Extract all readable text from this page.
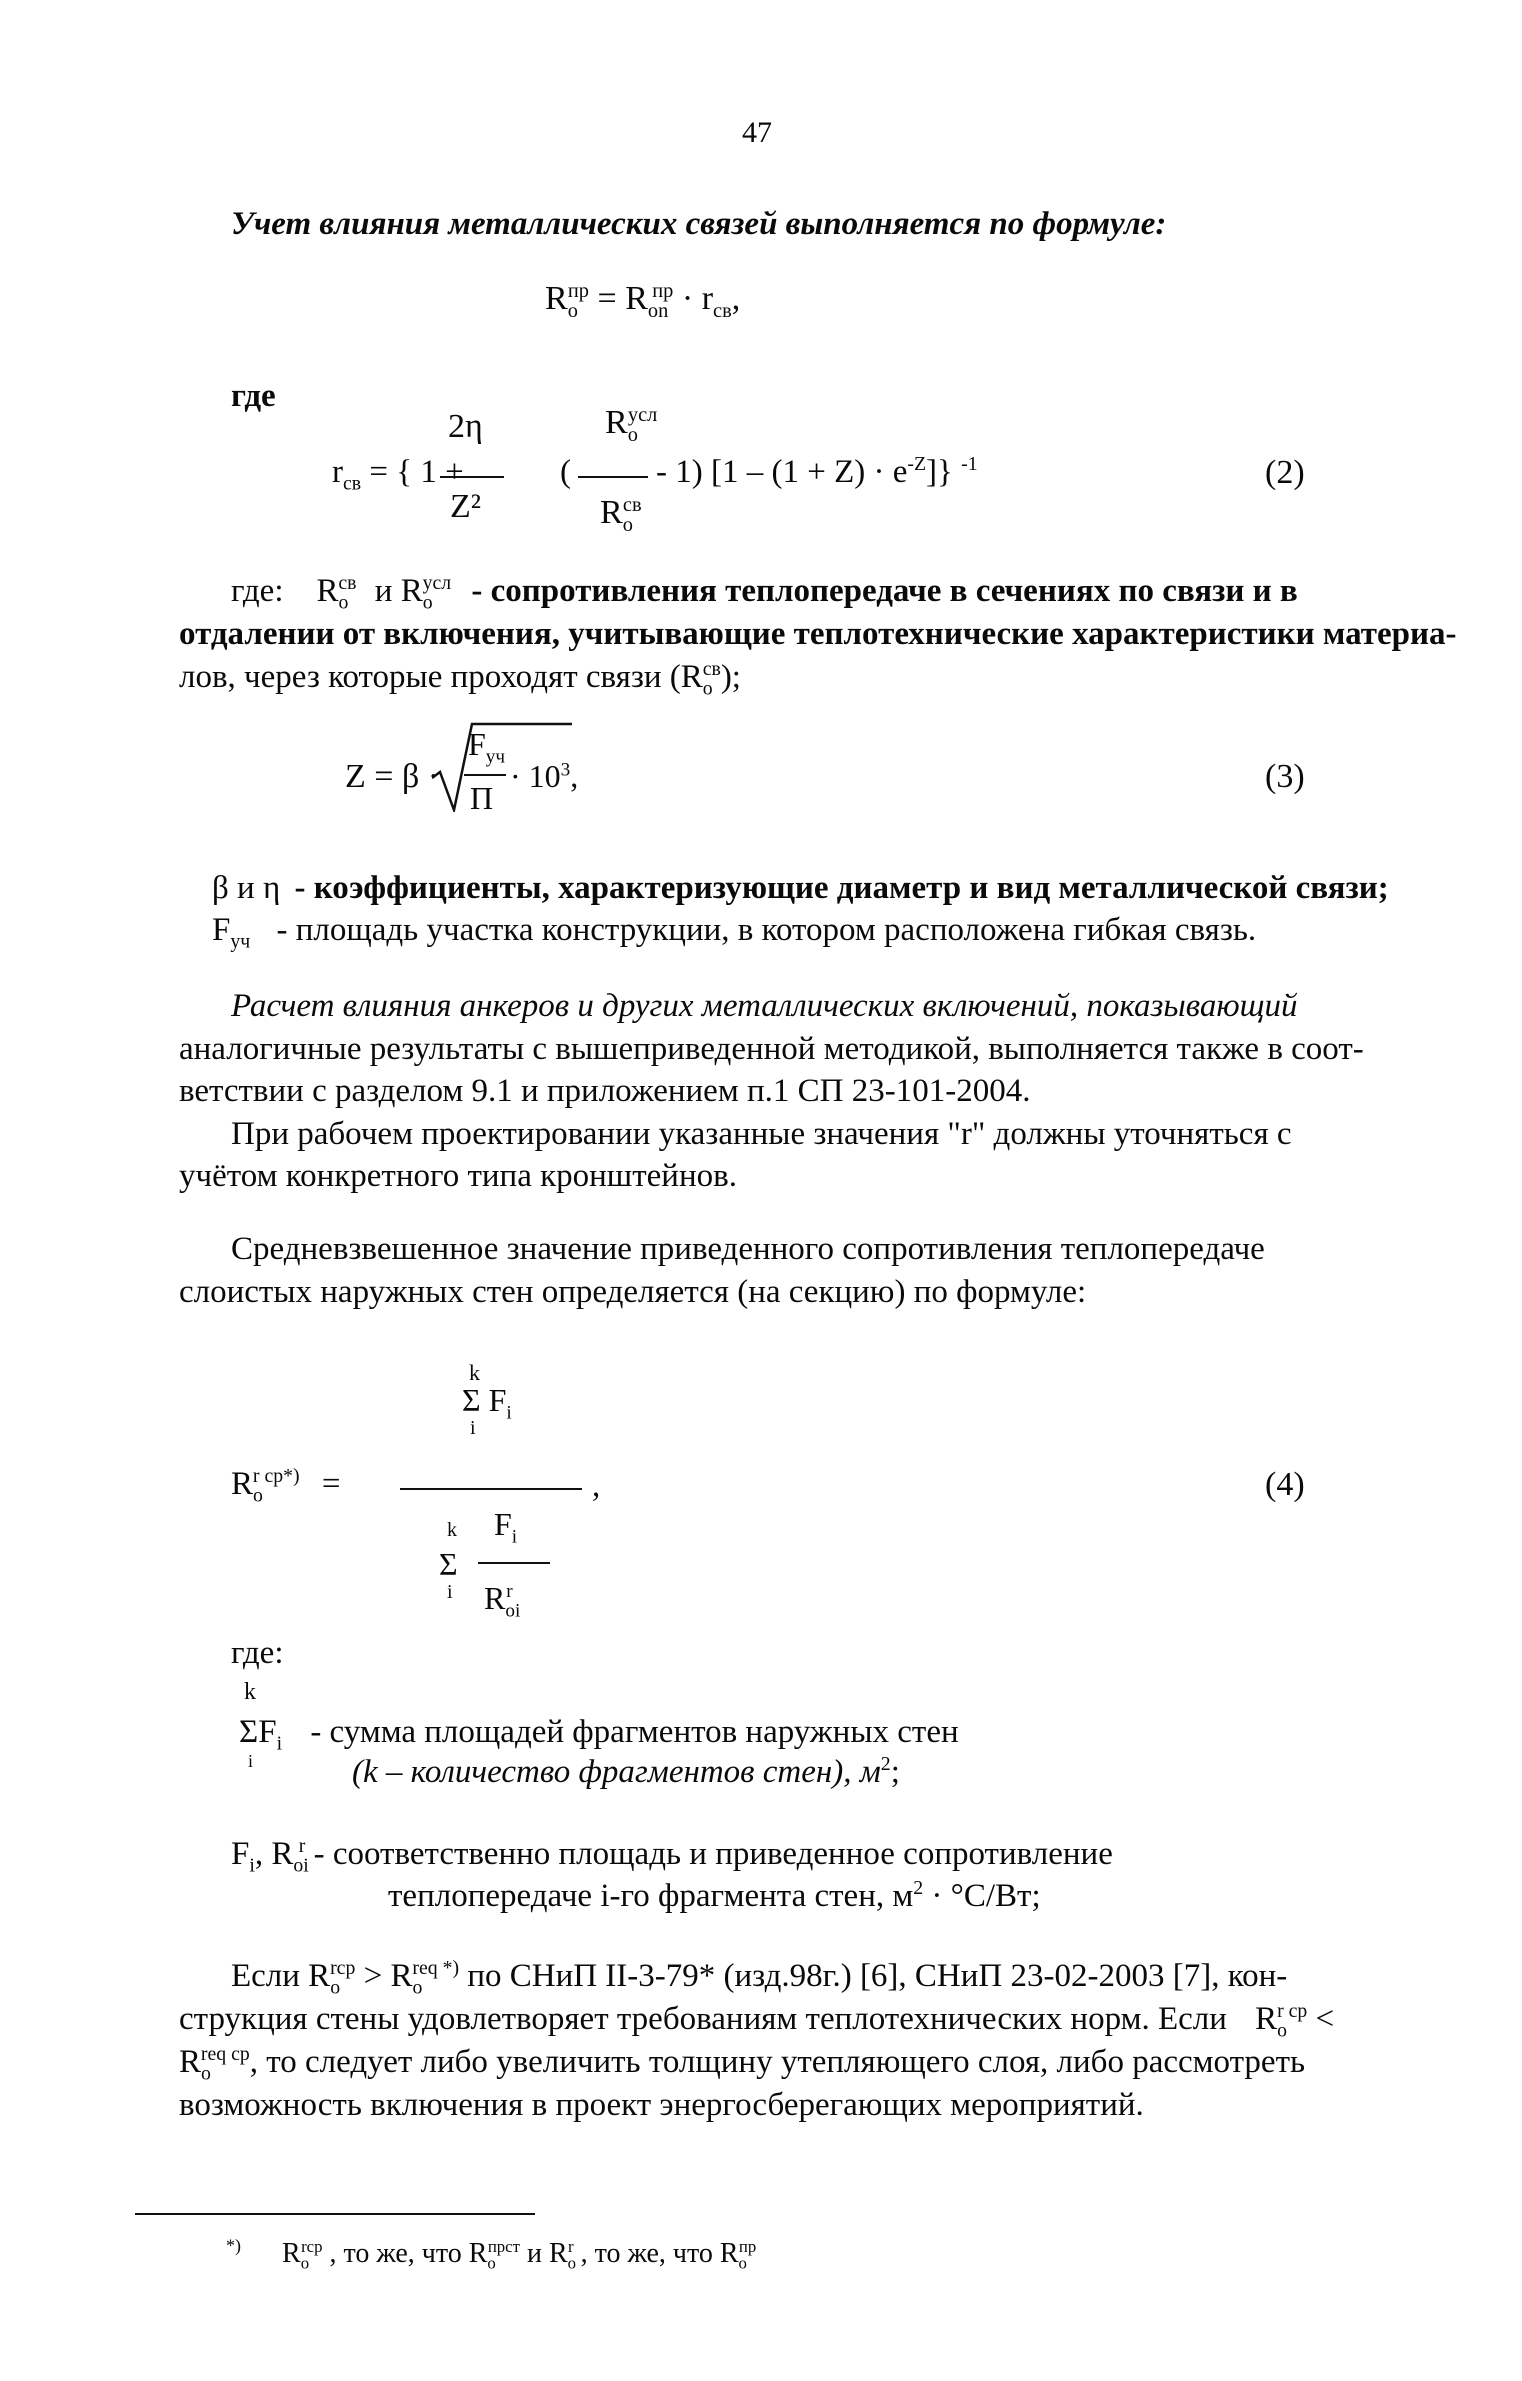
47
Учет влияния металлических связей выполняется по формуле:
$R_o^{пр} = R_{on}^{пр} \cdot r_{св}$,
где
2η	$R_o^{усл}$
$r_{св}$ = { 1 +	(	- 1) $[1 - (1 + Z) \cdot e^{-Z}]$} $^{-1}$
Z²	$R_o^{св}$
(2)
где: $R_o^{св}$ и $R_o^{усл}$ - сопротивления теплопередаче в сечениях по связи и в
отдалении от включения, учитывающие теплотехнические характеристики материа-
лов, через которые проходят связи $(R_o^{св})$;
Z = β ·
$F_{уч}$
П
· $10^3$,	(3)
β и η - коэффициенты, характеризующие диаметр и вид металлической связи;
$F_{уч}$ - площадь участка конструкции, в котором расположена гибкая связь.
Расчет влияния анкеров и других металлических включений, показывающий
аналогичные результаты с вышеприведенной методикой, выполняется также в соот-
ветствии с разделом 9.1 и приложением п.1 СП 23-101-2004.
При рабочем проектировании указанные значения "r" должны уточняться с
учётом конкретного типа кронштейнов.
Средневзвешенное значение приведенного сопротивления теплопередаче
слоистых наружных стен определяется (на секцию) по формуле:
k
Σ $F_i$
i
$R_o^{r ср*)}$ =	,	(4)
k
Σ
i
$F_i$
$R_{oi}^r$
где:
k
$\Sigma F_i$ - сумма площадей фрагментов наружных стен
i	(k – количество фрагментов стен), $м^2$;
$F_i$, $R_{oi}^r$ - соответственно площадь и приведенное сопротивление
теплопередаче i-го фрагмента стен, $м^2 \cdot ^\circ С/Вт$;
Если $R_o^{rcp} > R_o^{req *)}$ по СНиП II-3-79* (изд.98г.) [6], СНиП 23-02-2003 [7], кон-
струкция стены удовлетворяет требованиям теплотехнических норм. Если $R_o^{r ср}$ <
$R_o^{req ср}$, то следует либо увеличить толщину утепляющего слоя, либо рассмотреть
возможность включения в проект энергосберегающих мероприятий.
*) $R_o^{rcp}$ , то же, что $R_o^{прст}$ и $R_o^r$ , то же, что $R_o^{пр}$
